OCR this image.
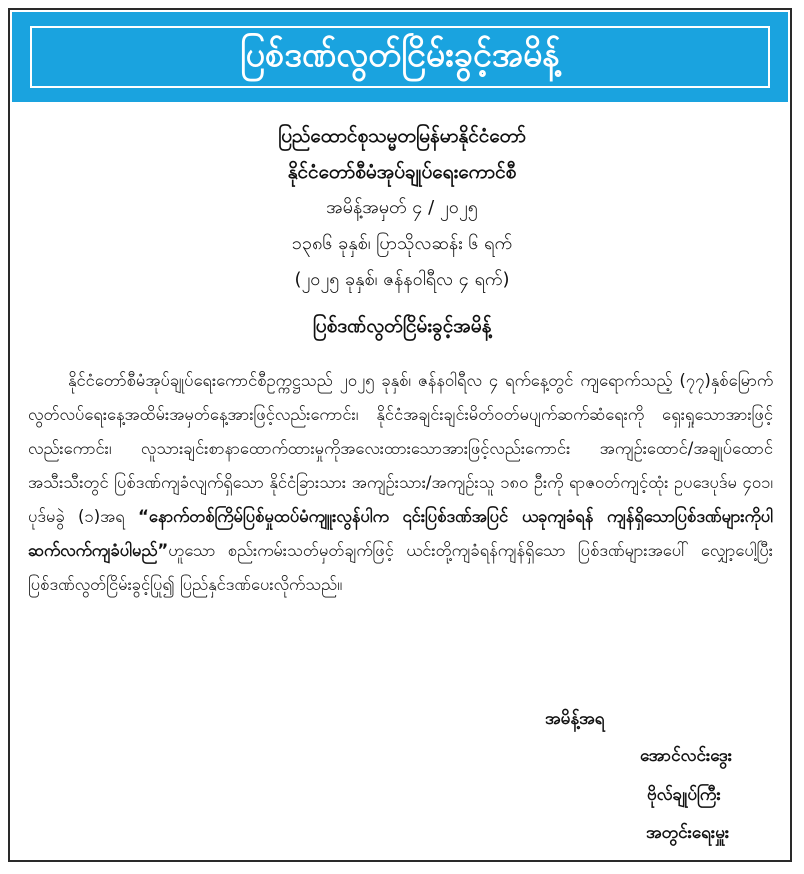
ပြစ်ဒဏ်လွတ်ငြိမ်းခွင့်အမိန့်
ပြည်ထောင်စုသမ္မတမြန်မာနိုင်ငံတော်
နိုင်ငံတော်စီမံအုပ်ချုပ်ရေးကောင်စီ
အမိန့်အမှတ် ၄ / ၂၀၂၅
၁၃၈၆ ခုနှစ်၊ ပြာသိုလဆန်း ၆ ရက်
(၂၀၂၅ ခုနှစ်၊ ဇန်နဝါရီလ ၄ ရက်)
ပြစ်ဒဏ်လွတ်ငြိမ်းခွင့်အမိန့်
နိုင်ငံတော်စီမံအုပ်ချုပ်ရေးကောင်စီဥက္ကဋ္ဌသည် ၂၀၂၅ ခုနှစ်၊ ဇန်နဝါရီလ ၄ ရက်နေ့တွင် ကျရောက်သည့် (၇၇)နှစ်မြောက် လွတ်လပ်ရေးနေ့အထိမ်းအမှတ်နေ့အားဖြင့်လည်းကောင်း၊ နိုင်ငံအချင်းချင်းမိတ်ဝတ်မပျက်ဆက်ဆံရေးကို ရှေးရှုသောအားဖြင့်လည်းကောင်း၊ လူသားချင်းစာနာထောက်ထားမှုကိုအလေးထားသောအားဖြင့်လည်းကောင်း အကျဉ်းထောင်/အချုပ်ထောင်အသီးသီးတွင် ပြစ်ဒဏ်ကျခံလျက်ရှိသော နိုင်ငံခြားသား အကျဉ်းသား/အကျဉ်းသူ ၁၈၀ ဦးကို ရာဇဝတ်ကျင့်ထုံး ဥပဒေပုဒ်မ ၄၀၁၊ ပုဒ်မခွဲ (၁)အရ “နောက်တစ်ကြိမ်ပြစ်မှုထပ်မံကျူးလွန်ပါက ၎င်းပြစ်ဒဏ်အပြင် ယခုကျခံရန် ကျန်ရှိသောပြစ်ဒဏ်များကိုပါ ဆက်လက်ကျခံပါမည်”ဟူသော စည်းကမ်းသတ်မှတ်ချက်ဖြင့် ယင်းတို့ကျခံရန်ကျန်ရှိသော ပြစ်ဒဏ်များအပေါ် လျှော့ပေါ့ပြီး ပြစ်ဒဏ်လွတ်ငြိမ်းခွင့်ပြု၍ ပြည်နှင်ဒဏ်ပေးလိုက်သည်။
အမိန့်အရ
အောင်လင်းဒွေး
ဗိုလ်ချုပ်ကြီး
အတွင်းရေးမှူး
